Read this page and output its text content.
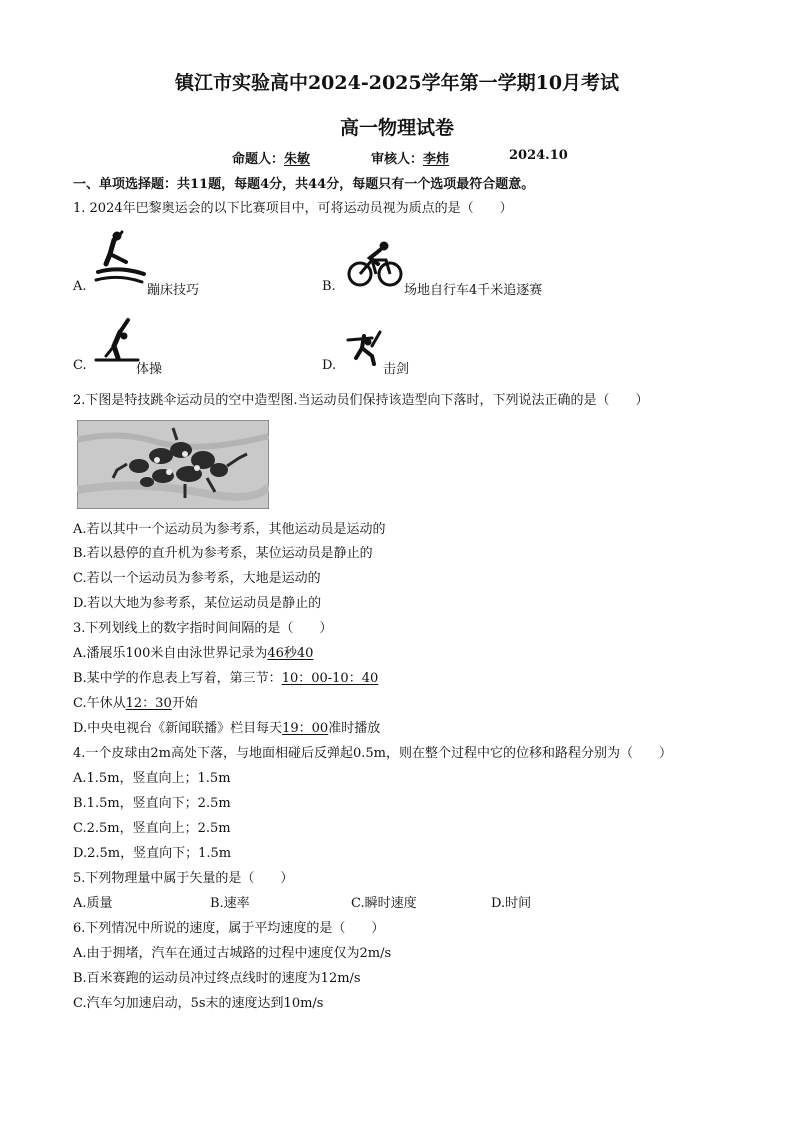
镇江市实验高中2024-2025学年第一学期10月考试
高一物理试卷
命题人：朱敏	审核人：李炜	2024.10
一、单项选择题：共11题，每题4分，共44分，每题只有一个选项最符合题意。
1. 2024年巴黎奥运会的以下比赛项目中，可将运动员视为质点的是（　　）
A.	蹦床技巧	B.	场地自行车4千米追逐赛
C.	体操	D.	击剑
2.下图是特技跳伞运动员的空中造型图.当运动员们保持该造型向下落时，下列说法正确的是（　　）
A.若以其中一个运动员为参考系，其他运动员是运动的
B.若以悬停的直升机为参考系，某位运动员是静止的
C.若以一个运动员为参考系，大地是运动的
D.若以大地为参考系，某位运动员是静止的
3.下列划线上的数字指时间间隔的是（　　）
A.潘展乐100米自由泳世界记录为46秒40
B.某中学的作息表上写着，第三节：10：00-10：40
C.午休从12：30开始
D.中央电视台《新闻联播》栏目每天19：00准时播放
4.一个皮球由2m高处下落，与地面相碰后反弹起0.5m，则在整个过程中它的位移和路程分别为（　　）
A.1.5m，竖直向上；1.5m
B.1.5m，竖直向下；2.5m
C.2.5m，竖直向上；2.5m
D.2.5m，竖直向下；1.5m
5.下列物理量中属于矢量的是（　　）
A.质量	B.速率	C.瞬时速度	D.时间
6.下列情况中所说的速度，属于平均速度的是（　　）
A.由于拥堵，汽车在通过古城路的过程中速度仅为2m/s
B.百米赛跑的运动员冲过终点线时的速度为12m/s
C.汽车匀加速启动，5s末的速度达到10m/s
